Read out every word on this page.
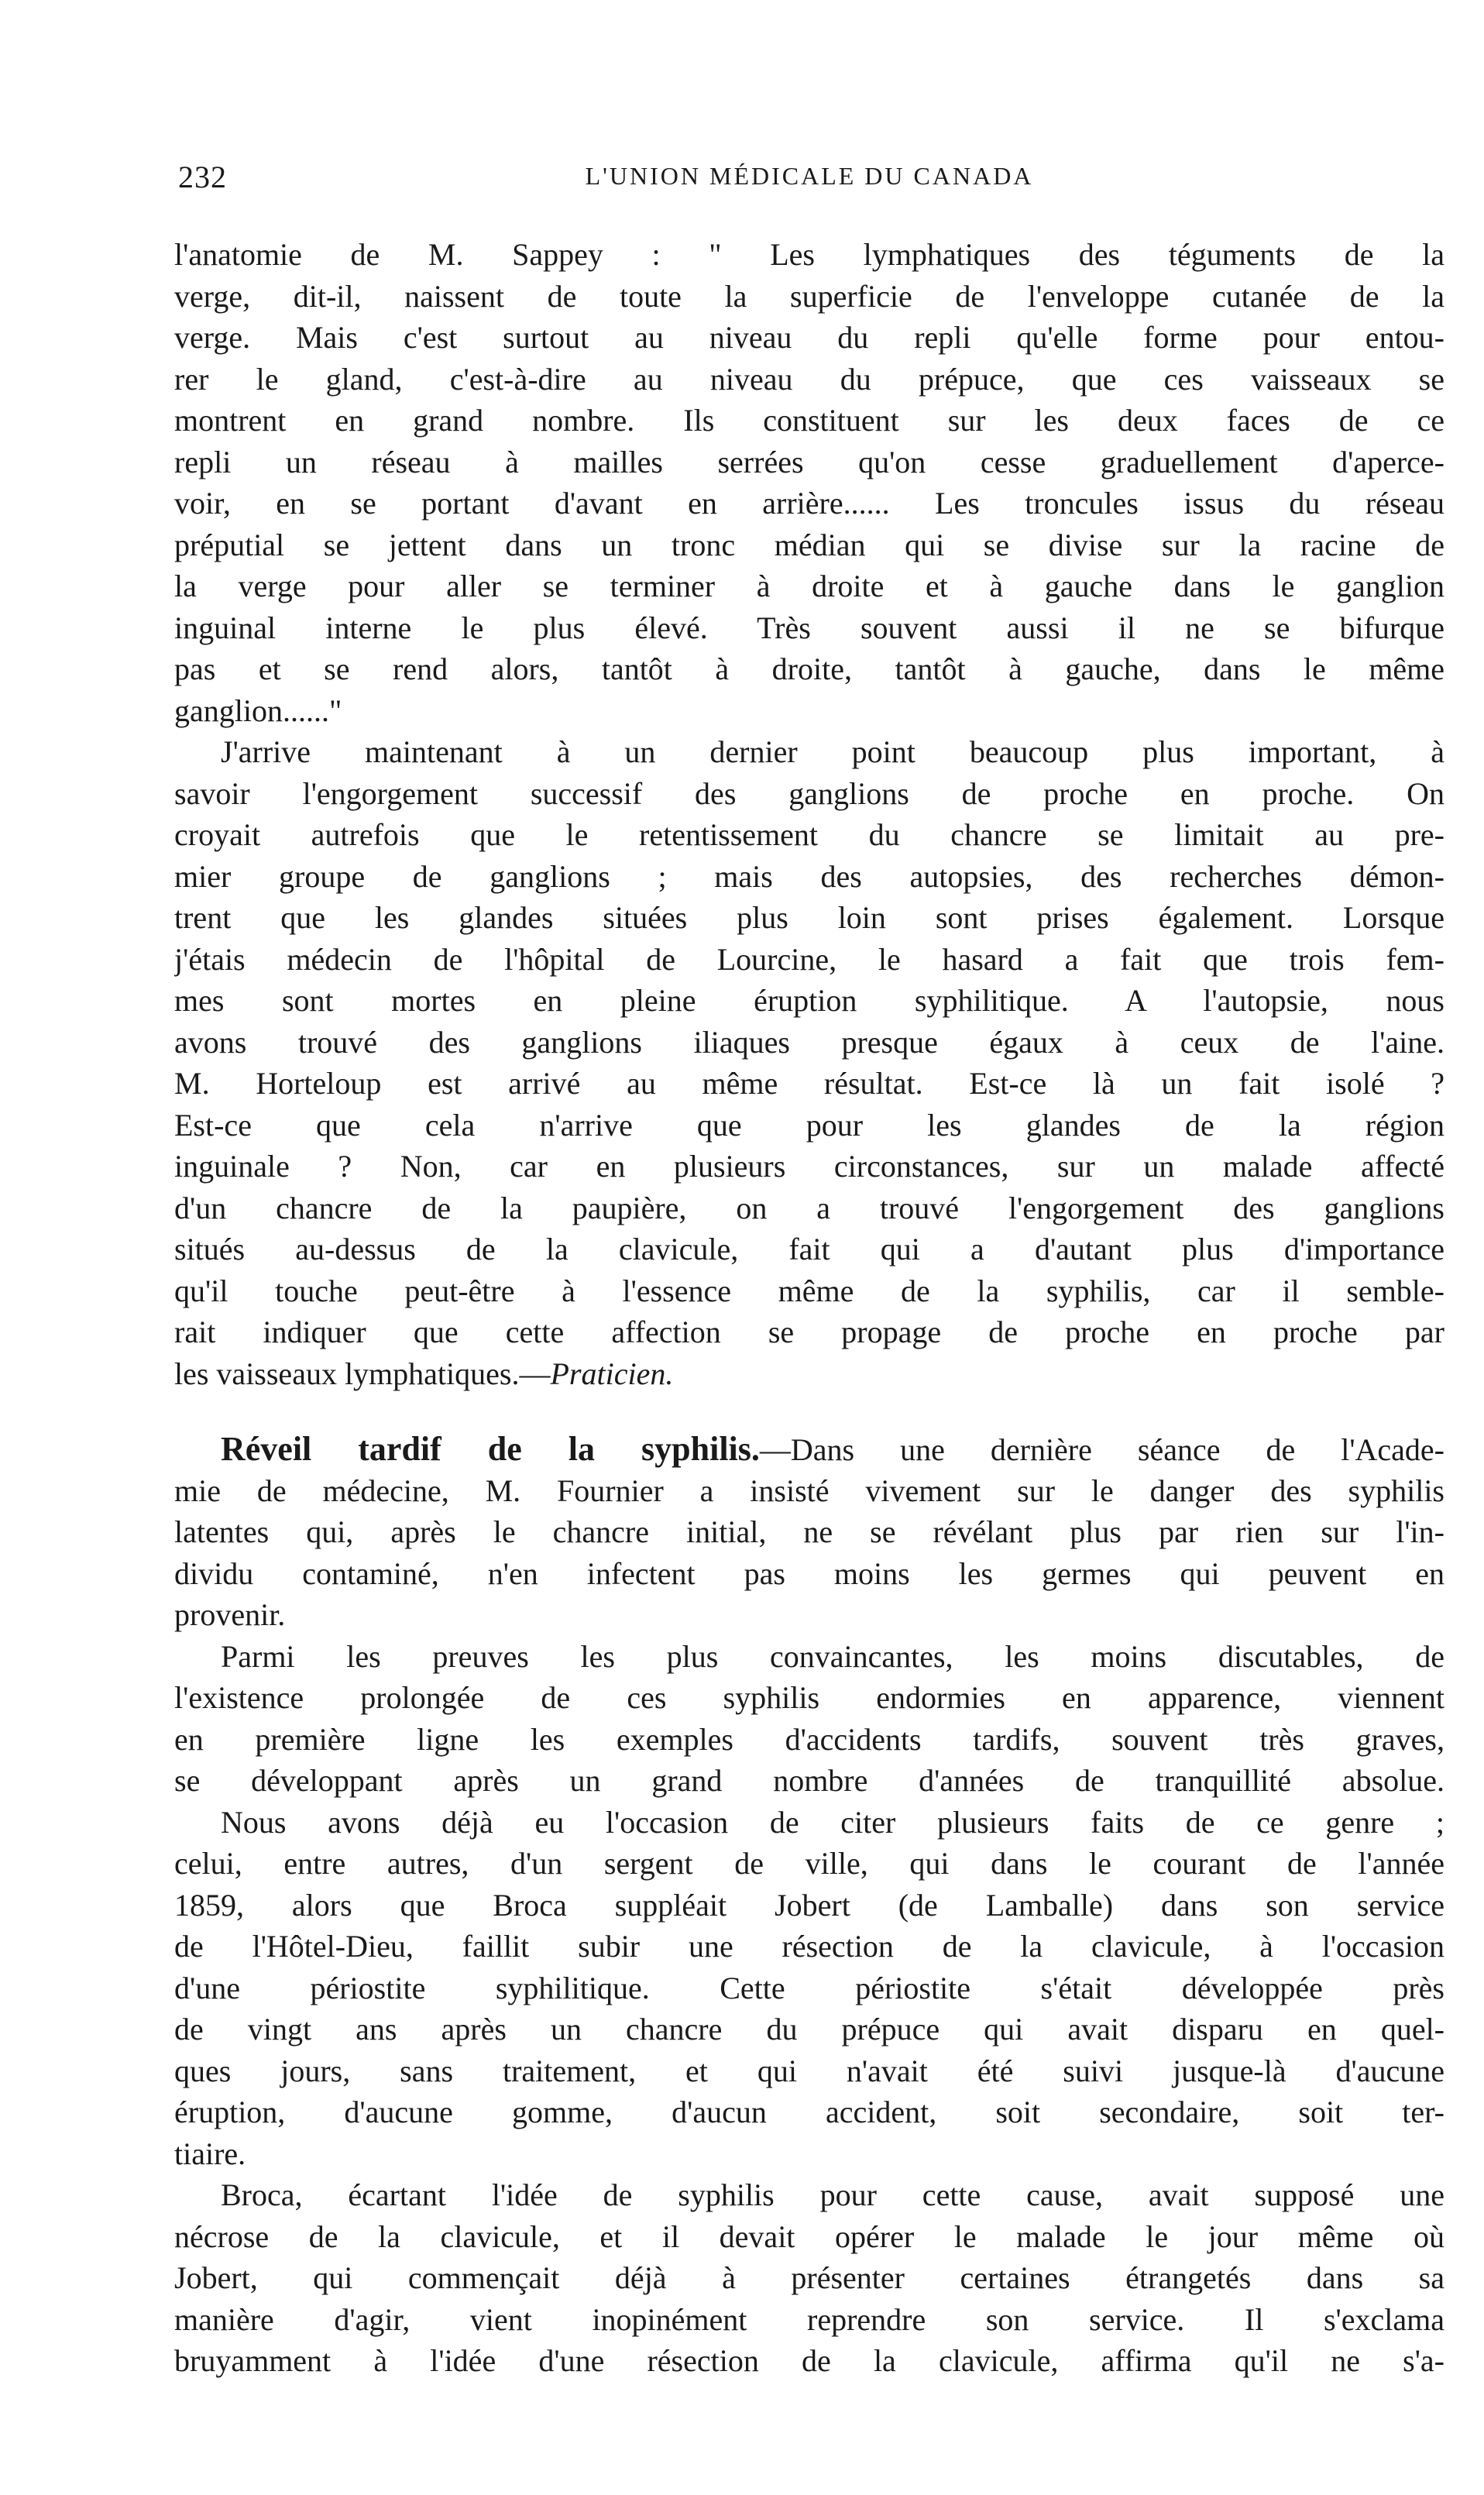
232	L'UNION MÉDICALE DU CANADA
l'anatomie de M. Sappey : " Les lymphatiques des téguments de la
verge, dit-il, naissent de toute la superficie de l'enveloppe cutanée de la
verge. Mais c'est surtout au niveau du repli qu'elle forme pour entou-
rer le gland, c'est-à-dire au niveau du prépuce, que ces vaisseaux se
montrent en grand nombre. Ils constituent sur les deux faces de ce
repli un réseau à mailles serrées qu'on cesse graduellement d'aperce-
voir, en se portant d'avant en arrière...... Les troncules issus du réseau
préputial se jettent dans un tronc médian qui se divise sur la racine de
la verge pour aller se terminer à droite et à gauche dans le ganglion
inguinal interne le plus élevé. Très souvent aussi il ne se bifurque
pas et se rend alors, tantôt à droite, tantôt à gauche, dans le même
ganglion......"
J'arrive maintenant à un dernier point beaucoup plus important, à
savoir l'engorgement successif des ganglions de proche en proche. On
croyait autrefois que le retentissement du chancre se limitait au pre-
mier groupe de ganglions ; mais des autopsies, des recherches démon-
trent que les glandes situées plus loin sont prises également. Lorsque
j'étais médecin de l'hôpital de Lourcine, le hasard a fait que trois fem-
mes sont mortes en pleine éruption syphilitique. A l'autopsie, nous
avons trouvé des ganglions iliaques presque égaux à ceux de l'aine.
M. Horteloup est arrivé au même résultat. Est-ce là un fait isolé ?
Est-ce que cela n'arrive que pour les glandes de la région
inguinale ? Non, car en plusieurs circonstances, sur un malade affecté
d'un chancre de la paupière, on a trouvé l'engorgement des ganglions
situés au-dessus de la clavicule, fait qui a d'autant plus d'importance
qu'il touche peut-être à l'essence même de la syphilis, car il semble-
rait indiquer que cette affection se propage de proche en proche par
les vaisseaux lymphatiques.—Praticien.
Réveil tardif de la syphilis.—Dans une dernière séance de l'Acade-
mie de médecine, M. Fournier a insisté vivement sur le danger des syphilis
latentes qui, après le chancre initial, ne se révélant plus par rien sur l'in-
dividu contaminé, n'en infectent pas moins les germes qui peuvent en
provenir.
Parmi les preuves les plus convaincantes, les moins discutables, de
l'existence prolongée de ces syphilis endormies en apparence, viennent
en première ligne les exemples d'accidents tardifs, souvent très graves,
se développant après un grand nombre d'années de tranquillité absolue.
Nous avons déjà eu l'occasion de citer plusieurs faits de ce genre ;
celui, entre autres, d'un sergent de ville, qui dans le courant de l'année
1859, alors que Broca suppléait Jobert (de Lamballe) dans son service
de l'Hôtel-Dieu, faillit subir une résection de la clavicule, à l'occasion
d'une périostite syphilitique. Cette périostite s'était développée près
de vingt ans après un chancre du prépuce qui avait disparu en quel-
ques jours, sans traitement, et qui n'avait été suivi jusque-là d'aucune
éruption, d'aucune gomme, d'aucun accident, soit secondaire, soit ter-
tiaire.
Broca, écartant l'idée de syphilis pour cette cause, avait supposé une
nécrose de la clavicule, et il devait opérer le malade le jour même où
Jobert, qui commençait déjà à présenter certaines étrangetés dans sa
manière d'agir, vient inopinément reprendre son service. Il s'exclama
bruyamment à l'idée d'une résection de la clavicule, affirma qu'il ne s'a-
